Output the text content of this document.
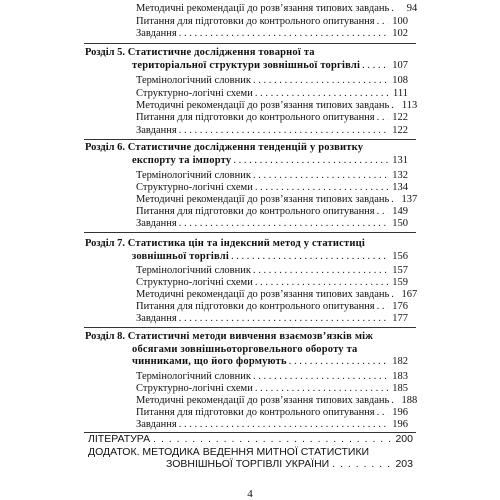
Методичні рекомендації до розв’язання типових завдань . . .	94
Питання для підготовки до контрольного опитування . . . 100
Завдання . . .	102
Розділ 5.
Статистичне дослідження товарної та
територіальної структури зовнішньої торгівлі . . .	107
Термінологічний словник . . .	108
Структурно-логічні схеми . . .	111
Методичні рекомендації до розв’язання типових завдань . . . 113
Питання для підготовки до контрольного опитування . . . 122
Завдання . . .	122
Розділ 6.
Статистичне дослідження тенденцій у розвитку
експорту та імпорту . . .	131
Термінологічний словник . . .	132
Структурно-логічні схеми . . .	134
Методичні рекомендації до розв’язання типових завдань . . . 137
Питання для підготовки до контрольного опитування . . . 149
Завдання . . .	150
Розділ 7.
Статистика цін та індексний метод у статистиці
зовнішньої торгівлі . . .	156
Термінологічний словник . . .	157
Структурно-логічні схеми . . .	159
Методичні рекомендації до розв’язання типових завдань . . . 167
Питання для підготовки до контрольного опитування . . . 176
Завдання . . .	177
Розділ 8.
Статистичні методи вивчення взаємозв’язків між
обсягами зовнішньоторговельного обороту та
чинниками, що його формують . . .	182
Термінологічний словник . . .	183
Структурно-логічні схеми . . .	185
Методичні рекомендації до розв’язання типових завдань . . . 188
Питання для підготовки до контрольного опитування . . . 196
Завдання . . .	196
ЛІТЕРАТУРА . . .	200
ДОДАТОК. МЕТОДИКА ВЕДЕННЯ МИТНОЇ СТАТИСТИКИ
ЗОВНІШНЬОЇ ТОРГІВЛІ УКРАЇНИ . . .	203
4
